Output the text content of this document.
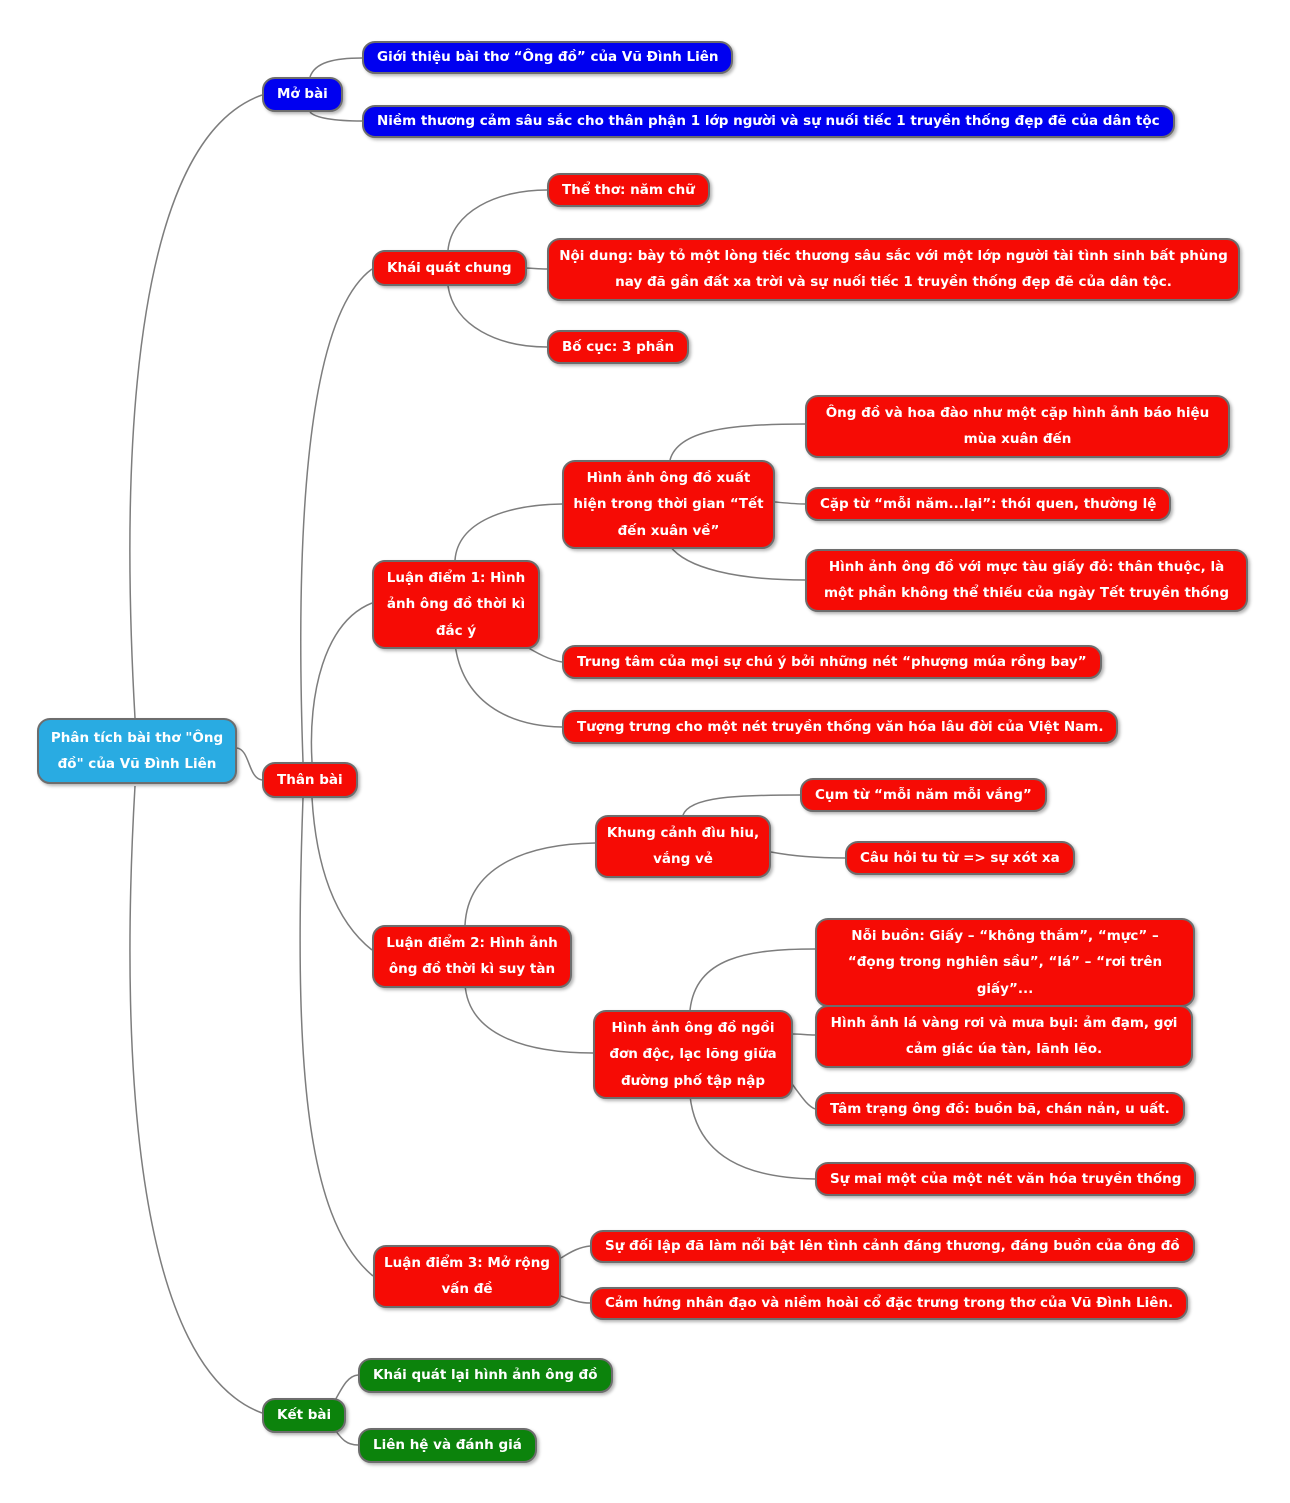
Phân tích bài thơ "Ông đồ" của Vũ Đình Liên
Mở bài
Giới thiệu bài thơ “Ông đồ” của Vũ Đình Liên
Niềm thương cảm sâu sắc cho thân phận 1 lớp người và sự nuối tiếc 1 truyền thống đẹp đẽ của dân tộc
Thân bài
Khái quát chung
Thể thơ: năm chữ
Nội dung: bày tỏ một lòng tiếc thương sâu sắc với một lớp người tài tình sinh bất phùng nay đã gần đất xa trời và sự nuối tiếc 1 truyền thống đẹp đẽ của dân tộc.
Bố cục: 3 phần
Luận điểm 1: Hình ảnh ông đồ thời kì đắc ý
Hình ảnh ông đồ xuất hiện trong thời gian “Tết đến xuân về”
Ông đồ và hoa đào như một cặp hình ảnh báo hiệu mùa xuân đến
Cặp từ “mỗi năm...lại”: thói quen, thường lệ
Hình ảnh ông đồ với mực tàu giấy đỏ: thân thuộc, là một phần không thể thiếu của ngày Tết truyền thống
Trung tâm của mọi sự chú ý bởi những nét “phượng múa rồng bay”
Tượng trưng cho một nét truyền thống văn hóa lâu đời của Việt Nam.
Luận điểm 2: Hình ảnh ông đồ thời kì suy tàn
Khung cảnh đìu hiu, vắng vẻ
Cụm từ “mỗi năm mỗi vắng”
Câu hỏi tu từ => sự xót xa
Hình ảnh ông đồ ngồi đơn độc, lạc lõng giữa đường phố tập nập
Nỗi buồn: Giấy – “không thắm”, “mực” – “đọng trong nghiên sầu”, “lá” – “rơi trên giấy”...
Hình ảnh lá vàng rơi và mưa bụi: ảm đạm, gợi cảm giác úa tàn, lãnh lẽo.
Tâm trạng ông đồ: buồn bã, chán nản, u uất.
Sự mai một của một nét văn hóa truyền thống
Luận điểm 3: Mở rộng vấn đề
Sự đối lập đã làm nổi bật lên tình cảnh đáng thương, đáng buồn của ông đồ
Cảm hứng nhân đạo và niềm hoài cổ đặc trưng trong thơ của Vũ Đình Liên.
Kết bài
Khái quát lại hình ảnh ông đồ
Liên hệ và đánh giá
